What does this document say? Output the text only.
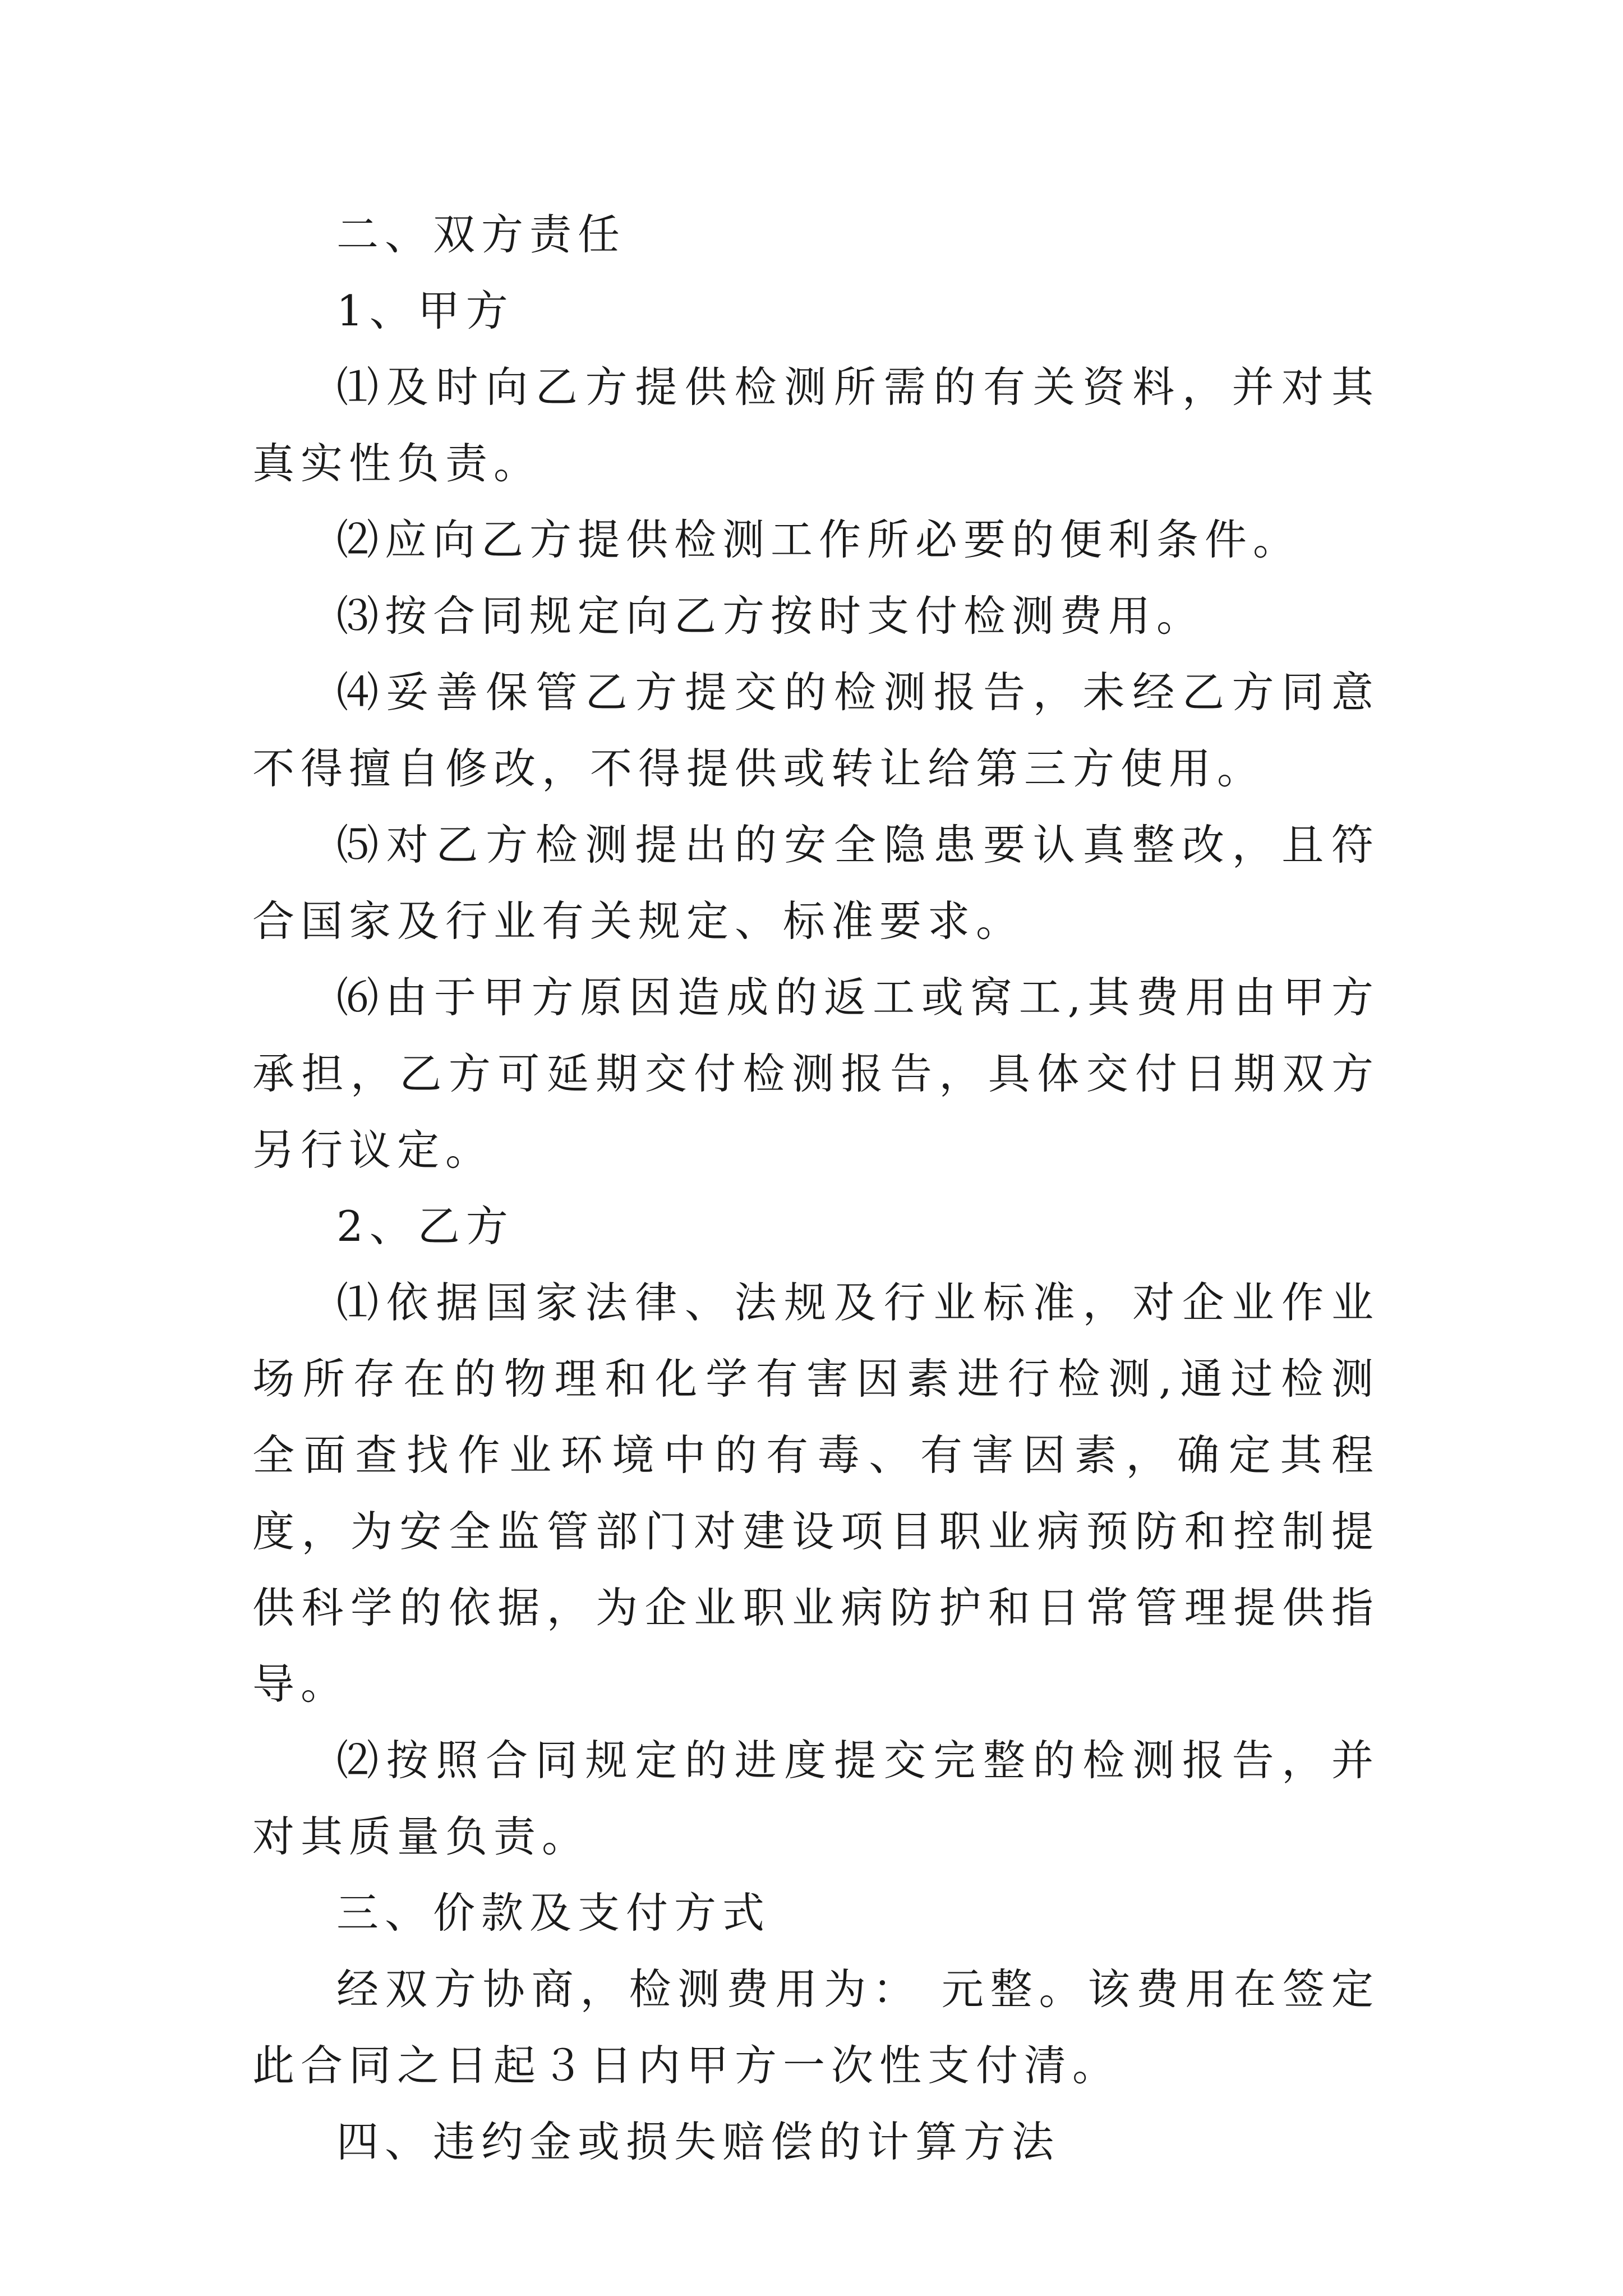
二、双方责任

1、甲方

⑴及时向乙方提供检测所需的有关资料，并对其真实性负责。

⑵应向乙方提供检测工作所必要的便利条件。

⑶按合同规定向乙方按时支付检测费用。

⑷妥善保管乙方提交的检测报告，未经乙方同意不得擅自修改，不得提供或转让给第三方使用。

⑸对乙方检测提出的安全隐患要认真整改，且符合国家及行业有关规定、标准要求。

⑹由于甲方原因造成的返工或窝工,其费用由甲方承担，乙方可延期交付检测报告，具体交付日期双方另行议定。

2、乙方

⑴依据国家法律、法规及行业标准，对企业作业场所存在的物理和化学有害因素进行检测,通过检测全面查找作业环境中的有毒、有害因素，确定其程度，为安全监管部门对建设项目职业病预防和控制提供科学的依据，为企业职业病防护和日常管理提供指导。

⑵按照合同规定的进度提交完整的检测报告，并对其质量负责。

三、价款及支付方式

经双方协商，检测费用为： 元整。该费用在签定此合同之日起３日内甲方一次性支付清。

四、违约金或损失赔偿的计算方法
